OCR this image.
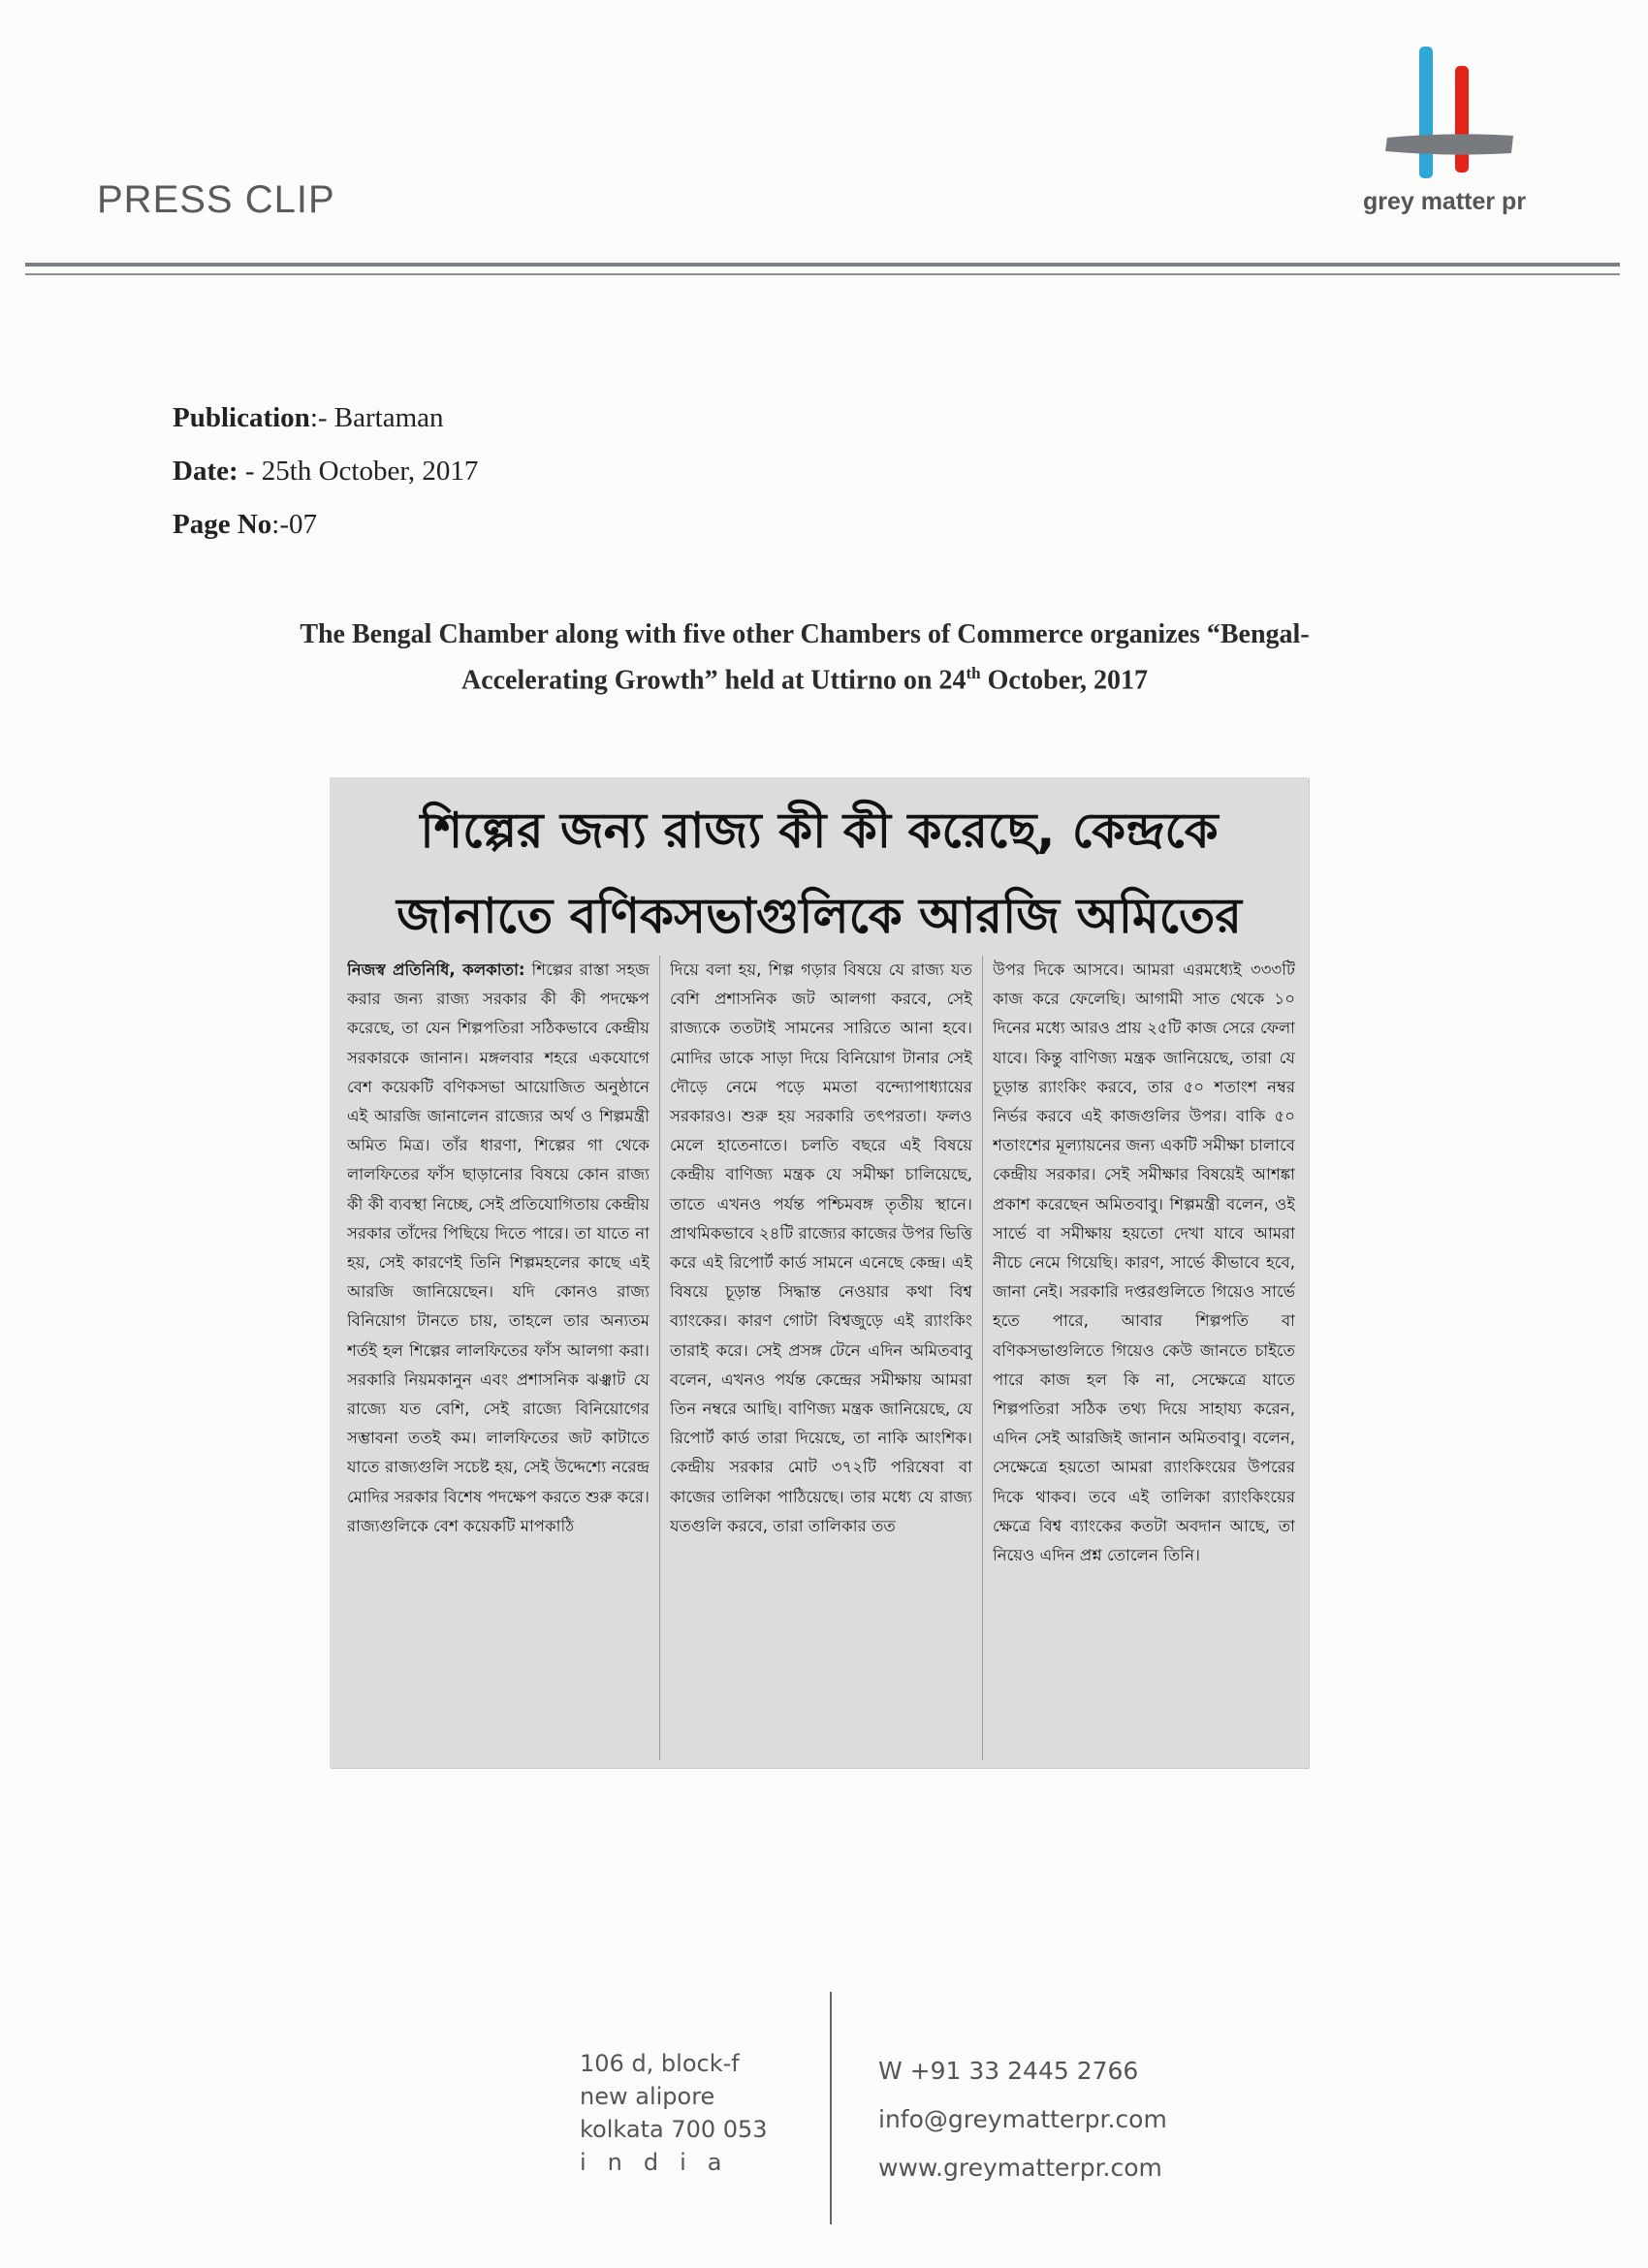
PRESS CLIP	grey matter pr
Publication:- Bartaman
Date: - 25th October, 2017
Page No:-07
The Bengal Chamber along with five other Chambers of Commerce organizes “Bengal-
Accelerating Growth” held at Uttirno on 24th October, 2017
শিল্পের জন্য রাজ্য কী কী করেছে, কেন্দ্রকে
জানাতে বণিকসভাগুলিকে আরজি অমিতের
নিজস্ব প্রতিনিধি, কলকাতা: শিল্পের রাস্তা সহজ করার জন্য রাজ্য সরকার কী কী পদক্ষেপ করেছে, তা যেন শিল্পপতিরা সঠিকভাবে কেন্দ্রীয় সরকারকে জানান। মঙ্গলবার শহরে একযোগে বেশ কয়েকটি বণিকসভা আয়োজিত অনুষ্ঠানে এই আরজি জানালেন রাজ্যের অর্থ ও শিল্পমন্ত্রী অমিত মিত্র। তাঁর ধারণা, শিল্পের গা থেকে লালফিতের ফাঁস ছাড়ানোর বিষয়ে কোন রাজ্য কী কী ব্যবস্থা নিচ্ছে, সেই প্রতিযোগিতায় কেন্দ্রীয় সরকার তাঁদের পিছিয়ে দিতে পারে। তা যাতে না হয়, সেই কারণেই তিনি শিল্পমহলের কাছে এই আরজি জানিয়েছেন। যদি কোনও রাজ্য বিনিয়োগ টানতে চায়, তাহলে তার অন্যতম শর্তই হল শিল্পের লালফিতের ফাঁস আলগা করা। সরকারি নিয়মকানুন এবং প্রশাসনিক ঝঞ্ঝাট যে রাজ্যে যত বেশি, সেই রাজ্যে বিনিয়োগের সম্ভাবনা ততই কম। লালফিতের জট কাটাতে যাতে রাজ্যগুলি সচেষ্ট হয়, সেই উদ্দেশ্যে নরেন্দ্র মোদির সরকার বিশেষ পদক্ষেপ করতে শুরু করে। রাজ্যগুলিকে বেশ কয়েকটি মাপকাঠি
দিয়ে বলা হয়, শিল্প গড়ার বিষয়ে যে রাজ্য যত বেশি প্রশাসনিক জট আলগা করবে, সেই রাজ্যকে ততটাই সামনের সারিতে আনা হবে। মোদির ডাকে সাড়া দিয়ে বিনিয়োগ টানার সেই দৌড়ে নেমে পড়ে মমতা বন্দ্যোপাধ্যায়ের সরকারও। শুরু হয় সরকারি তৎপরতা। ফলও মেলে হাতেনাতে। চলতি বছরে এই বিষয়ে কেন্দ্রীয় বাণিজ্য মন্ত্রক যে সমীক্ষা চালিয়েছে, তাতে এখনও পর্যন্ত পশ্চিমবঙ্গ তৃতীয় স্থানে। প্রাথমিকভাবে ২৪টি রাজ্যের কাজের উপর ভিত্তি করে এই রিপোর্ট কার্ড সামনে এনেছে কেন্দ্র। এই বিষয়ে চূড়ান্ত সিদ্ধান্ত নেওয়ার কথা বিশ্ব ব্যাংকের। কারণ গোটা বিশ্বজুড়ে এই র‌্যাংকিং তারাই করে। সেই প্রসঙ্গ টেনে এদিন অমিতবাবু বলেন, এখনও পর্যন্ত কেন্দ্রের সমীক্ষায় আমরা তিন নম্বরে আছি। বাণিজ্য মন্ত্রক জানিয়েছে, যে রিপোর্ট কার্ড তারা দিয়েছে, তা নাকি আংশিক। কেন্দ্রীয় সরকার মোট ৩৭২টি পরিষেবা বা কাজের তালিকা পাঠিয়েছে। তার মধ্যে যে রাজ্য যতগুলি করবে, তারা তালিকার তত
উপর দিকে আসবে। আমরা এরমধ্যেই ৩৩৩টি কাজ করে ফেলেছি। আগামী সাত থেকে ১০ দিনের মধ্যে আরও প্রায় ২৫টি কাজ সেরে ফেলা যাবে। কিন্তু বাণিজ্য মন্ত্রক জানিয়েছে, তারা যে চূড়ান্ত র‌্যাংকিং করবে, তার ৫০ শতাংশ নম্বর নির্ভর করবে এই কাজগুলির উপর। বাকি ৫০ শতাংশের মূল্যায়নের জন্য একটি সমীক্ষা চালাবে কেন্দ্রীয় সরকার। সেই সমীক্ষার বিষয়েই আশঙ্কা প্রকাশ করেছেন অমিতবাবু। শিল্পমন্ত্রী বলেন, ওই সার্ভে বা সমীক্ষায় হয়তো দেখা যাবে আমরা নীচে নেমে গিয়েছি। কারণ, সার্ভে কীভাবে হবে, জানা নেই। সরকারি দপ্তরগুলিতে গিয়েও সার্ভে হতে পারে, আবার শিল্পপতি বা বণিকসভাগুলিতে গিয়েও কেউ জানতে চাইতে পারে কাজ হল কি না, সেক্ষেত্রে যাতে শিল্পপতিরা সঠিক তথ্য দিয়ে সাহায্য করেন, এদিন সেই আরজিই জানান অমিতবাবু। বলেন, সেক্ষেত্রে হয়তো আমরা র‌্যাংকিংয়ের উপরের দিকে থাকব। তবে এই তালিকা র‌্যাংকিংয়ের ক্ষেত্রে বিশ্ব ব্যাংকের কতটা অবদান আছে, তা নিয়েও এদিন প্রশ্ন তোলেন তিনি।
106 d, block-f
new alipore
kolkata 700 053
india
W +91 33 2445 2766
info@greymatterpr.com
www.greymatterpr.com
